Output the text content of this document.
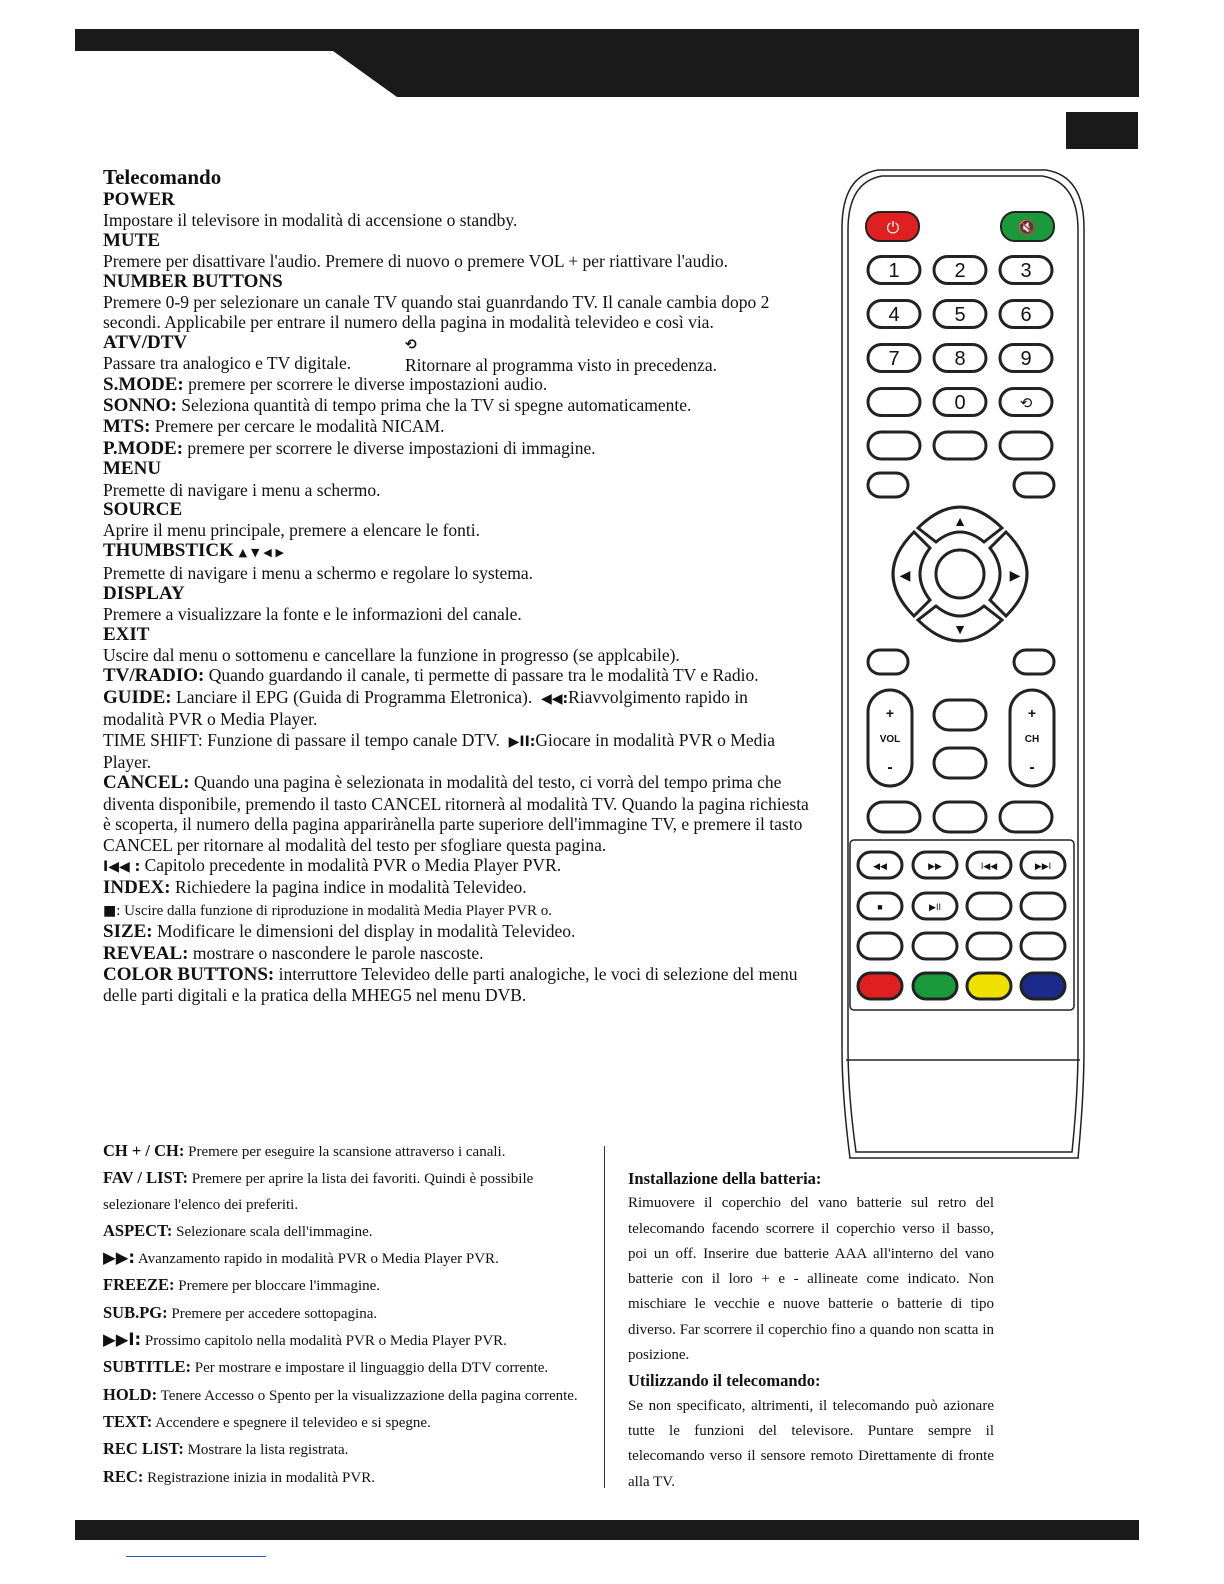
Telecomando

POWER

Impostare il televisore in modalità di accensione o standby.

MUTE

Premere per disattivare l'audio. Premere di nuovo o premere VOL + per riattivare l'audio.

NUMBER BUTTONS

Premere 0-9 per selezionare un canale TV quando stai guanrdando TV. Il canale cambia dopo 2 secondi. Applicabile per entrare il numero della pagina in modalità televideo e così via.

ATV/DTV

Passare tra analogico e TV digitale.

⟲
Ritornare al programma visto in precedenza.

S.MODE: premere per scorrere le diverse impostazioni audio.

SONNO: Seleziona quantità di tempo prima che la TV si spegne automaticamente.

MTS: Premere per cercare le modalità NICAM.

P.MODE: premere per scorrere le diverse impostazioni di immagine.

MENU

Premette di navigare i menu a schermo.

SOURCE

Aprire il menu principale, premere a elencare le fonti.

THUMBSTICK ▲ ▼ ◀ ▶

Premette di navigare i menu a schermo e regolare lo systema.

DISPLAY

Premere a visualizzare la fonte e le informazioni del canale.

EXIT

Uscire dal menu o sottomenu e cancellare la funzione in progresso (se applcabile).

TV/RADIO: Quando guardando il canale, ti permette di passare tra le modalità TV e Radio.

GUIDE: Lanciare il EPG (Guida di Programma Eletronica). ◀◀:Riavvolgimento rapido in modalità PVR o Media Player.

TIME SHIFT: Funzione di passare il tempo canale DTV. ▶II:Giocare in modalità PVR o Media Player.

CANCEL: Quando una pagina è selezionata in modalità del testo, ci vorrà del tempo prima che diventa disponibile, premendo il tasto CANCEL ritornerà al modalità TV. Quando la pagina richiesta è scoperta, il numero della pagina apparirànella parte superiore dell'immagine TV, e premere il tasto CANCEL per ritornare al modalità del testo per sfogliare questa pagina.

I◀◀ : Capitolo precedente in modalità PVR o Media Player PVR.

INDEX: Richiedere la pagina indice in modalità Televideo.

■: Uscire dalla funzione di riproduzione in modalità Media Player PVR o.

SIZE: Modificare le dimensioni del display in modalità Televideo.

REVEAL: mostrare o nascondere le parole nascoste.

COLOR BUTTONS: interruttore Televideo delle parti analogiche, le voci di selezione del menu delle parti digitali e la pratica della MHEG5 nel menu DVB.

⏻	🔇
1	2	3
4	5	6
7	8	9
0	⟲
▲
▼
◀	▶
+
VOL
-
+
CH
-
◀◀	▶▶	I◀◀	▶▶I
■	▶II

CH + / CH: Premere per eseguire la scansione attraverso i canali.

FAV / LIST: Premere per aprire la lista dei favoriti. Quindi è possibile selezionare l'elenco dei preferiti.

ASPECT: Selezionare scala dell'immagine.

▶▶: Avanzamento rapido in modalità PVR o Media Player PVR.

FREEZE: Premere per bloccare l'immagine.

SUB.PG: Premere per accedere sottopagina.

▶▶I: Prossimo capitolo nella modalità PVR o Media Player PVR.

SUBTITLE: Per mostrare e impostare il linguaggio della DTV corrente.

HOLD: Tenere Accesso o Spento per la visualizzazione della pagina corrente.

TEXT: Accendere e spegnere il televideo e si spegne.

REC LIST: Mostrare la lista registrata.

REC: Registrazione inizia in modalità PVR.

Installazione della batteria:

Rimuovere il coperchio del vano batterie sul retro del telecomando facendo scorrere il coperchio verso il basso, poi un off. Inserire due batterie AAA all'interno del vano batterie con il loro + e - allineate come indicato. Non mischiare le vecchie e nuove batterie o batterie di tipo diverso. Far scorrere il coperchio fino a quando non scatta in posizione.

Utilizzando il telecomando:

Se non specificato, altrimenti, il telecomando può azionare tutte le funzioni del televisore. Puntare sempre il telecomando verso il sensore remoto Direttamente di fronte alla TV.
